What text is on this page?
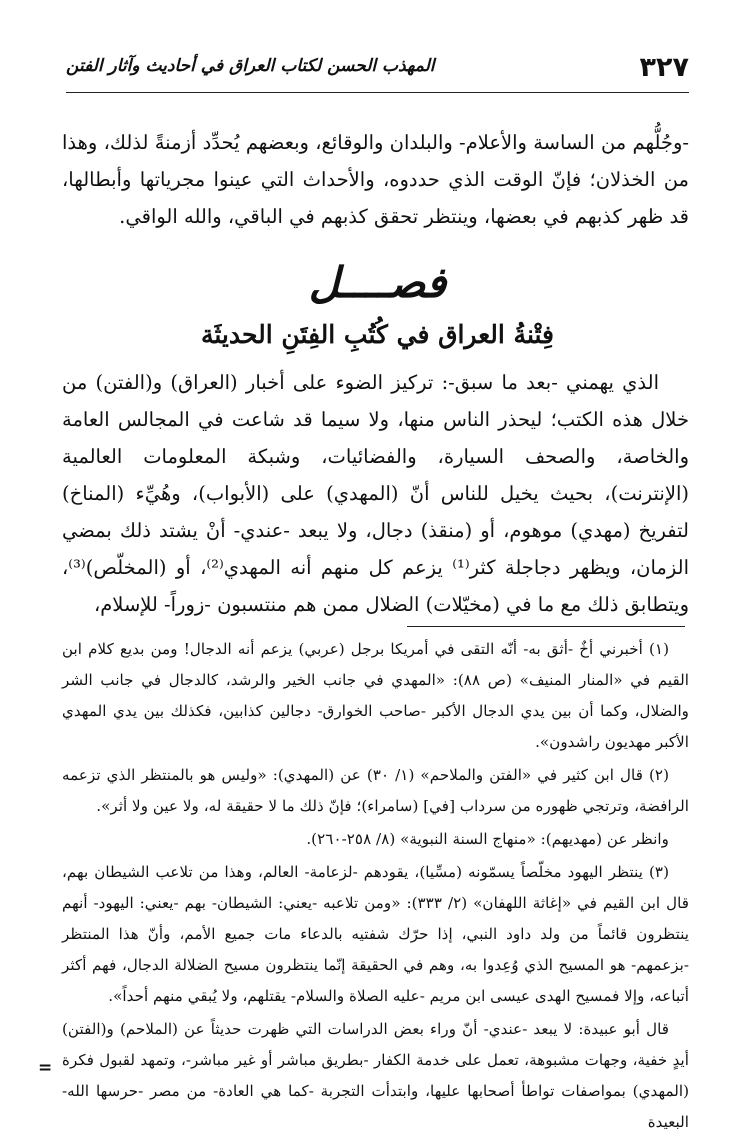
٣٢٧
المهذب الحسن لكتاب العراق في أحاديث وآثار الفتن

-وجُلُّهم من الساسة والأعلام- والبلدان والوقائع، وبعضهم يُحدِّد أزمنةً لذلك، وهذا من الخذلان؛ فإنّ الوقت الذي حددوه، والأحداث التي عينوا مجرياتها وأبطالها، قد ظهر كذبهم في بعضها، وينتظر تحقق كذبهم في الباقي، والله الواقي.

فصــــل
فِتْنةُ العراق في كُتُبِ الفِتَنِ الحديثَة

الذي يهمني -بعد ما سبق-: تركيز الضوء على أخبار (العراق) و(الفتن) من خلال هذه الكتب؛ ليحذر الناس منها، ولا سيما قد شاعت في المجالس العامة والخاصة، والصحف السيارة، والفضائيات، وشبكة المعلومات العالمية (الإنترنت)، بحيث يخيل للناس أنّ (المهدي) على (الأبواب)، وهُيِّء (المناخ) لتفريخ (مهدي) موهوم، أو (منقذ) دجال، ولا يبعد -عندي- أنْ يشتد ذلك بمضي الزمان، ويظهر دجاجلة كثر⁽¹⁾ يزعم كل منهم أنه المهدي⁽²⁾، أو (المخلّص)⁽³⁾، ويتطابق ذلك مع ما في (مخيّلات) الضلال ممن هم منتسبون -زوراً- للإسلام،

(١) أخبرني أخٌ -أثق به- أنّه التقى في أمريكا برجل (عربي) يزعم أنه الدجال! ومن بديع كلام ابن القيم في «المنار المنيف» (ص ٨٨): «المهدي في جانب الخير والرشد، كالدجال في جانب الشر والضلال، وكما أن بين يدي الدجال الأكبر -صاحب الخوارق- دجالين كذابين، فكذلك بين يدي المهدي الأكبر مهديون راشدون».

(٢) قال ابن كثير في «الفتن والملاحم» (١/ ٣٠) عن (المهدي): «وليس هو بالمنتظر الذي تزعمه الرافضة، وترتجي ظهوره من سرداب [في] (سامراء)؛ فإنّ ذلك ما لا حقيقة له، ولا عين ولا أثر».

وانظر عن (مهديهم): «منهاج السنة النبوية» (٨/ ٢٥٨-٢٦٠).

(٣) ينتظر اليهود مخلّصاً يسمّونه (مسِّيا)، يقودهم -لزعامة- العالم، وهذا من تلاعب الشيطان بهم، قال ابن القيم في «إغاثة اللهفان» (٢/ ٣٣٣): «ومن تلاعبه -يعني: الشيطان- بهم -يعني: اليهود- أنهم ينتظرون قائماً من ولد داود النبي، إذا حرّك شفتيه بالدعاء مات جميع الأمم، وأنّ هذا المنتظر -بزعمهم- هو المسيح الذي وُعِدوا به، وهم في الحقيقة إنّما ينتظرون مسيح الضلالة الدجال، فهم أكثر أتباعه، وإلا فمسيح الهدى عيسى ابن مريم -عليه الصلاة والسلام- يقتلهم، ولا يُبقي منهم أحداً».

قال أبو عبيدة: لا يبعد -عندي- أنّ وراء بعض الدراسات التي ظهرت حديثاً عن (الملاحم) و(الفتن) أيدٍ خفية، وجهات مشبوهة، تعمل على خدمة الكفار -بطريق مباشر أو غير مباشر-، وتمهد لقبول فكرة (المهدي) بمواصفات تواطأ أصحابها عليها، وابتدأت التجربة -كما هي العادة- من مصر -حرسها الله- البعيدة

=
